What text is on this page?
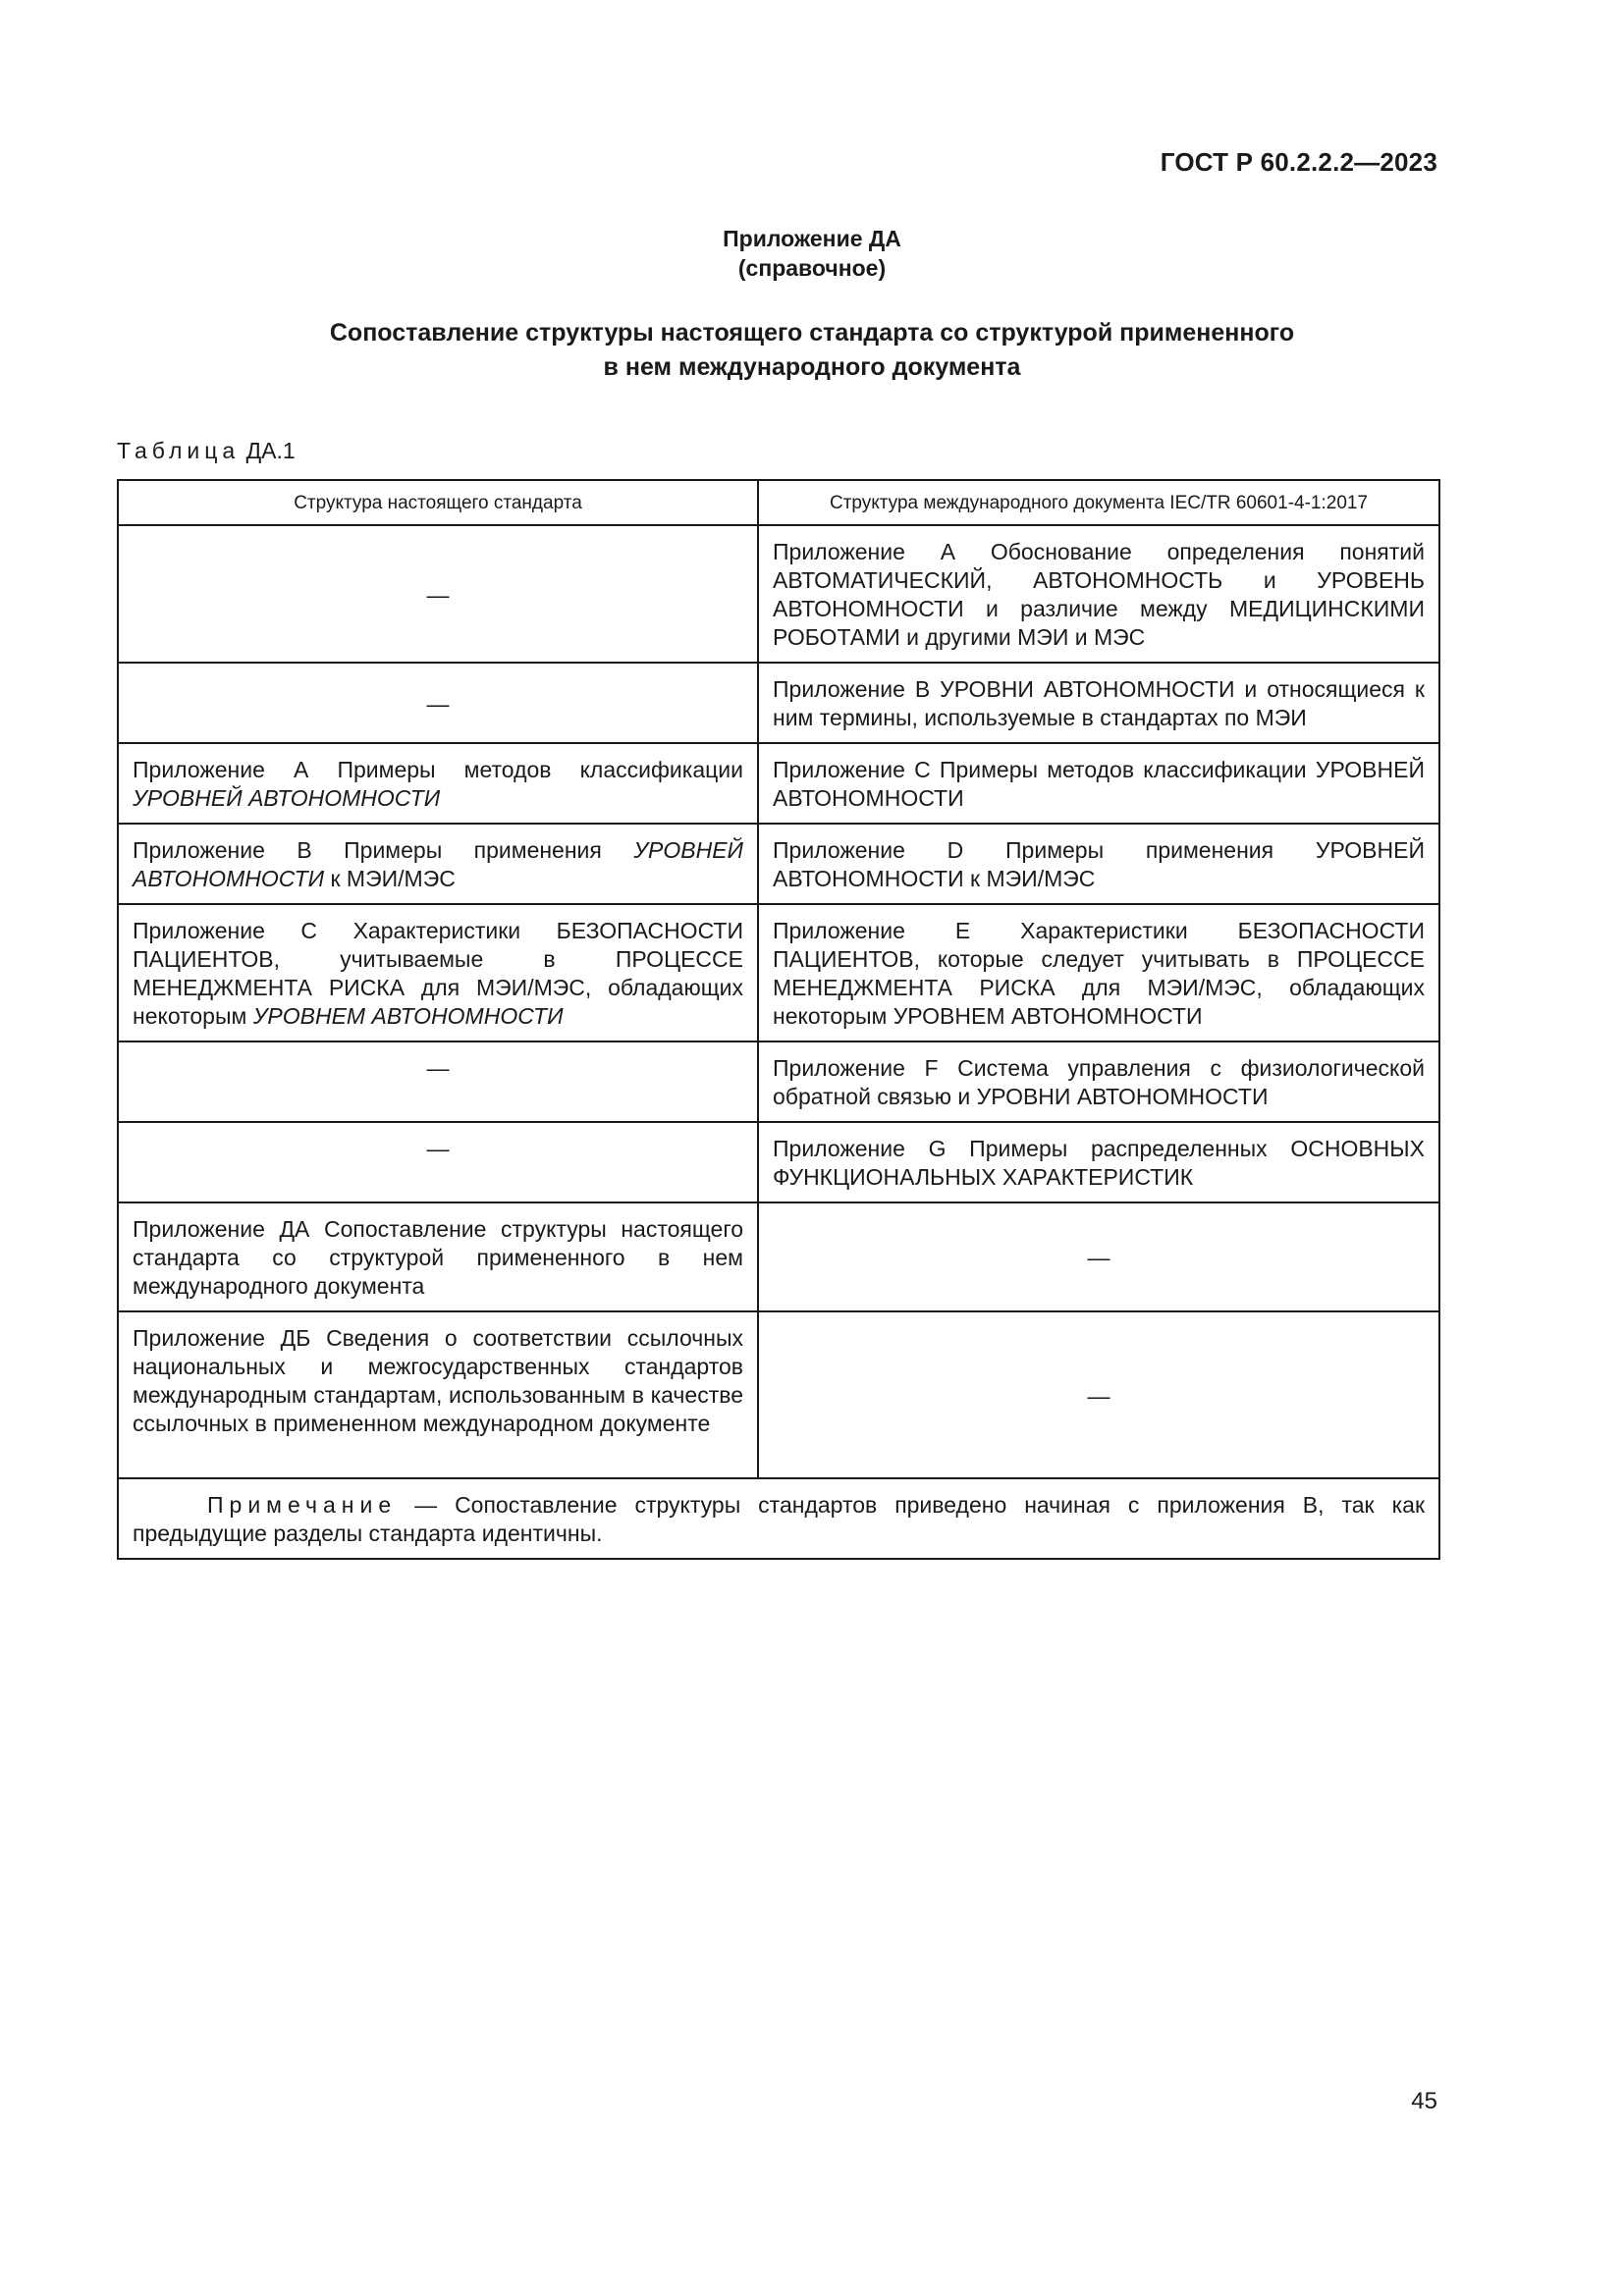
ГОСТ Р 60.2.2.2—2023
Приложение ДА
(справочное)
Сопоставление структуры настоящего стандарта со структурой примененного
в нем международного документа
Таблица ДА.1
Структура настоящего стандарта	Структура международного документа IEC/TR 60601-4-1:2017
—	Приложение А Обоснование определения понятий АВТОМАТИЧЕСКИЙ, АВТОНОМНОСТЬ и УРОВЕНЬ АВТОНОМНОСТИ и различие между МЕДИЦИНСКИМИ РОБОТАМИ и другими МЭИ и МЭС
—	Приложение В УРОВНИ АВТОНОМНОСТИ и относящиеся к ним термины, используемые в стандартах по МЭИ
Приложение А Примеры методов классификации УРОВНЕЙ АВТОНОМНОСТИ	Приложение С Примеры методов классификации УРОВНЕЙ АВТОНОМНОСТИ
Приложение В Примеры применения УРОВНЕЙ АВТОНОМНОСТИ к МЭИ/МЭС	Приложение D Примеры применения УРОВНЕЙ АВТОНОМНОСТИ к МЭИ/МЭС
Приложение С Характеристики БЕЗОПАСНОСТИ ПАЦИЕНТОВ, учитываемые в ПРОЦЕССЕ МЕНЕДЖМЕНТА РИСКА для МЭИ/МЭС, обладающих некоторым УРОВНЕМ АВТОНОМНОСТИ	Приложение Е Характеристики БЕЗОПАСНОСТИ ПАЦИЕНТОВ, которые следует учитывать в ПРОЦЕССЕ МЕНЕДЖМЕНТА РИСКА для МЭИ/МЭС, обладающих некоторым УРОВНЕМ АВТОНОМНОСТИ
—	Приложение F Система управления с физиологической обратной связью и УРОВНИ АВТОНОМНОСТИ
—	Приложение G Примеры распределенных ОСНОВНЫХ ФУНКЦИОНАЛЬНЫХ ХАРАКТЕРИСТИК
Приложение ДА Сопоставление структуры настоящего стандарта со структурой примененного в нем международного документа	—
Приложение ДБ Сведения о соответствии ссылочных национальных и межгосударственных стандартов международным стандартам, использованным в качестве ссылочных в примененном международном документе	—
Примечание — Сопоставление структуры стандартов приведено начиная с приложения В, так как предыдущие разделы стандарта идентичны.	
45
